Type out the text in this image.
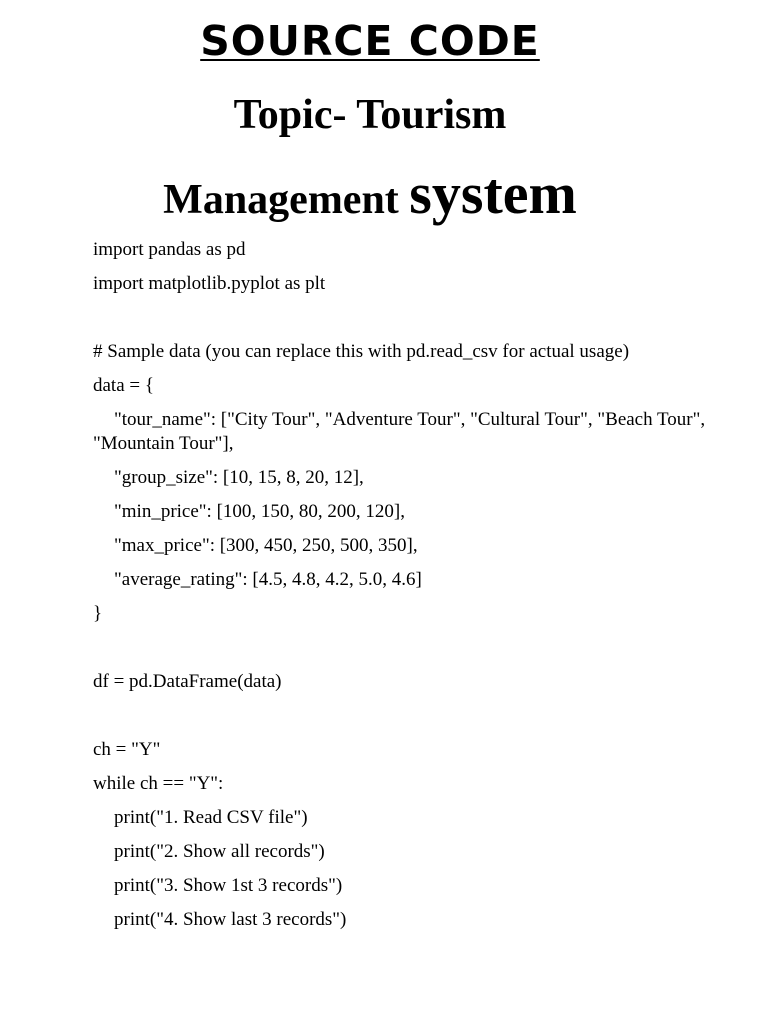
SOURCE CODE
Topic- Tourism
Management system

import pandas as pd

import matplotlib.pyplot as plt

# Sample data (you can replace this with pd.read_csv for actual usage)

data = {

"tour_name": ["City Tour", "Adventure Tour", "Cultural Tour", "Beach Tour", "Mountain Tour"],

"group_size": [10, 15, 8, 20, 12],

"min_price": [100, 150, 80, 200, 120],

"max_price": [300, 450, 250, 500, 350],

"average_rating": [4.5, 4.8, 4.2, 5.0, 4.6]

}

df = pd.DataFrame(data)

ch = "Y"

while ch == "Y":

print("1. Read CSV file")

print("2. Show all records")

print("3. Show 1st 3 records")

print("4. Show last 3 records")
